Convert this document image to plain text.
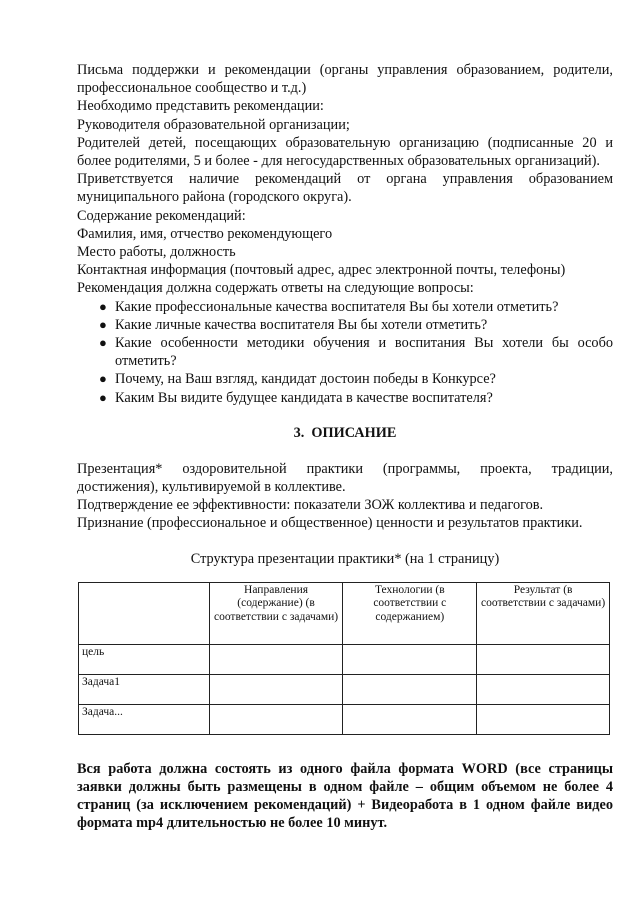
Письма поддержки и рекомендации (органы управления образованием, родители, профессиональное сообщество и т.д.)

Необходимо представить рекомендации:

Руководителя образовательной организации;

Родителей детей, посещающих образовательную организацию (подписанные 20 и более родителями, 5 и более - для негосударственных образовательных организаций).

Приветствуется наличие рекомендаций от органа управления образованием муниципального района (городского округа).

Содержание рекомендаций:

Фамилия, имя, отчество рекомендующего

Место работы, должность

Контактная информация (почтовый адрес, адрес электронной почты, телефоны)

Рекомендация должна содержать ответы на следующие вопросы:

● Какие профессиональные качества воспитателя Вы бы хотели отметить?
● Какие личные качества воспитателя Вы бы хотели отметить?
● Какие особенности методики обучения и воспитания Вы хотели бы особо отметить?
● Почему, на Ваш взгляд, кандидат достоин победы в Конкурсе?
● Каким Вы видите будущее кандидата в качестве воспитателя?
3. ОПИСАНИЕ

Презентация* оздоровительной практики (программы, проекта, традиции, достижения), культивируемой в коллективе.

Подтверждение ее эффективности: показатели ЗОЖ коллектива и педагогов.

Признание (профессиональное и общественное) ценности и результатов практики.

Структура презентации практики* (на 1 страницу)
	Направления (содержание) (в соответствии с задачами)	Технологии (в соответствии с содержанием)	Результат (в соответствии с задачами)
цель			
Задача1			
Задача...			

Вся работа должна состоять из одного файла формата WORD (все страницы заявки должны быть размещены в одном файле – общим объемом не более 4 страниц (за исключением рекомендаций) + Видеоработа в 1 одном файле видео формата mp4 длительностью не более 10 минут.
